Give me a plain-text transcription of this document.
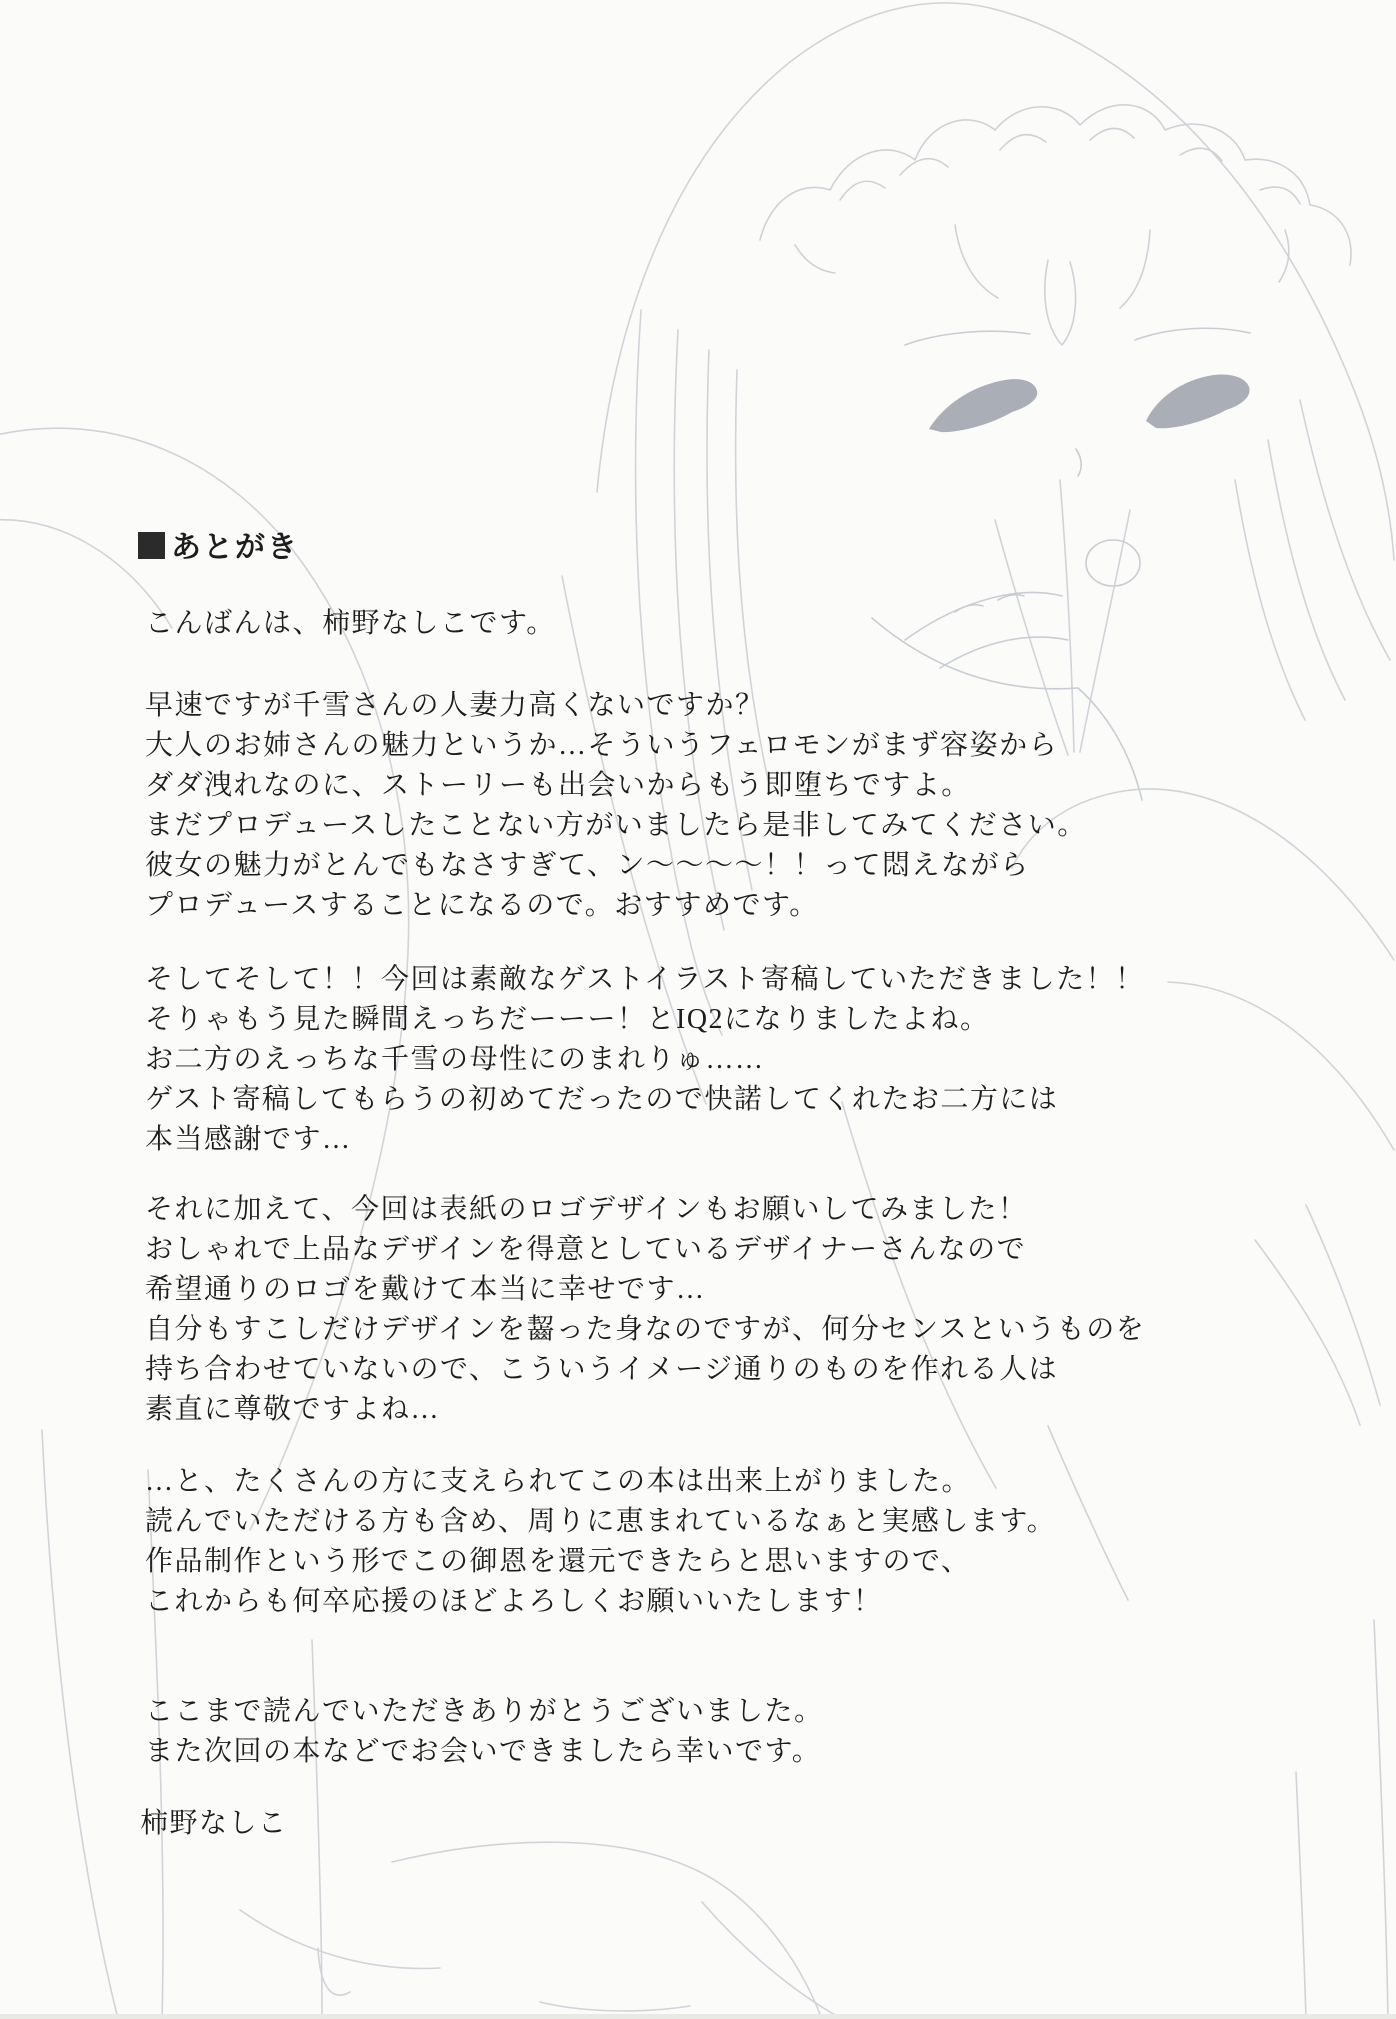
あとがき
こんばんは、柿野なしこです。
早速ですが千雪さんの人妻力高くないですか？
大人のお姉さんの魅力というか…そういうフェロモンがまず容姿から
ダダ洩れなのに、ストーリーも出会いからもう即堕ちですよ。
まだプロデュースしたことない方がいましたら是非してみてください。
彼女の魅力がとんでもなさすぎて、ン〜〜〜〜！！って悶えながら
プロデュースすることになるので。おすすめです。
そしてそして！！今回は素敵なゲストイラスト寄稿していただきました！！
そりゃもう見た瞬間えっちだーーー！とIQ2になりましたよね。
お二方のえっちな千雪の母性にのまれりゅ……
ゲスト寄稿してもらうの初めてだったので快諾してくれたお二方には
本当感謝です…
それに加えて、今回は表紙のロゴデザインもお願いしてみました！
おしゃれで上品なデザインを得意としているデザイナーさんなので
希望通りのロゴを戴けて本当に幸せです…
自分もすこしだけデザインを齧った身なのですが、何分センスというものを
持ち合わせていないので、こういうイメージ通りのものを作れる人は
素直に尊敬ですよね…
…と、たくさんの方に支えられてこの本は出来上がりました。
読んでいただける方も含め、周りに恵まれているなぁと実感します。
作品制作という形でこの御恩を還元できたらと思いますので、
これからも何卒応援のほどよろしくお願いいたします！
ここまで読んでいただきありがとうございました。
また次回の本などでお会いできましたら幸いです。
柿野なしこ
